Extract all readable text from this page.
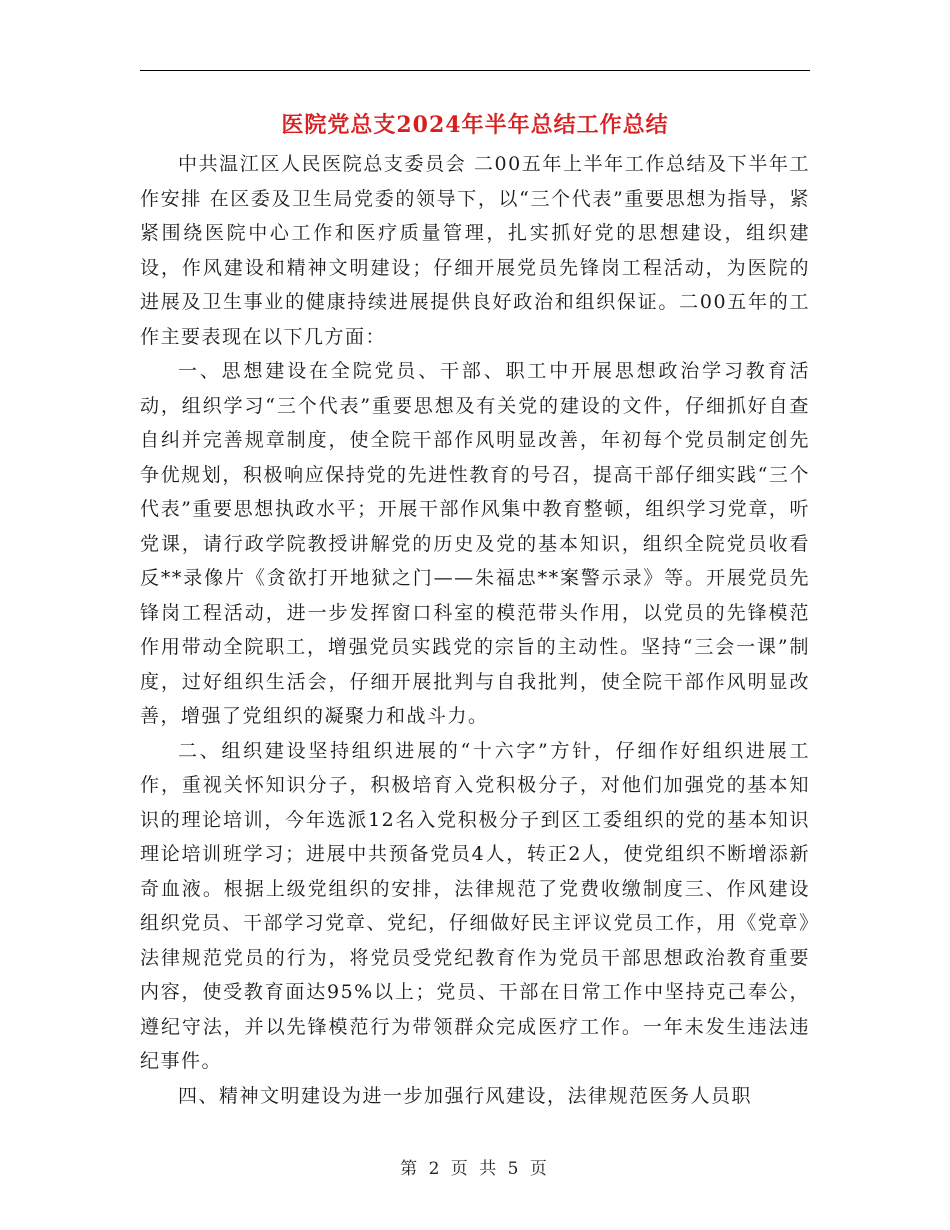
医院党总支2024年半年总结工作总结

中共温江区人民医院总支委员会 二00五年上半年工作总结及下半年工作安排 在区委及卫生局党委的领导下，以“三个代表”重要思想为指导，紧紧围绕医院中心工作和医疗质量管理，扎实抓好党的思想建设，组织建设，作风建设和精神文明建设；仔细开展党员先锋岗工程活动，为医院的进展及卫生事业的健康持续进展提供良好政治和组织保证。二00五年的工作主要表现在以下几方面：

一、思想建设在全院党员、干部、职工中开展思想政治学习教育活动，组织学习“三个代表”重要思想及有关党的建设的文件，仔细抓好自查自纠并完善规章制度，使全院干部作风明显改善，年初每个党员制定创先争优规划，积极响应保持党的先进性教育的号召，提高干部仔细实践“三个代表”重要思想执政水平；开展干部作风集中教育整顿，组织学习党章，听党课，请行政学院教授讲解党的历史及党的基本知识，组织全院党员收看反**录像片《贪欲打开地狱之门——朱福忠**案警示录》等。开展党员先锋岗工程活动，进一步发挥窗口科室的模范带头作用，以党员的先锋模范作用带动全院职工，增强党员实践党的宗旨的主动性。坚持“三会一课”制度，过好组织生活会，仔细开展批判与自我批判，使全院干部作风明显改善，增强了党组织的凝聚力和战斗力。

二、组织建设坚持组织进展的“十六字”方针，仔细作好组织进展工作，重视关怀知识分子，积极培育入党积极分子，对他们加强党的基本知识的理论培训，今年选派12名入党积极分子到区工委组织的党的基本知识理论培训班学习；进展中共预备党员4人，转正2人，使党组织不断增添新奇血液。根据上级党组织的安排，法律规范了党费收缴制度三、作风建设组织党员、干部学习党章、党纪，仔细做好民主评议党员工作，用《党章》法律规范党员的行为，将党员受党纪教育作为党员干部思想政治教育重要内容，使受教育面达95%以上；党员、干部在日常工作中坚持克己奉公，遵纪守法，并以先锋模范行为带领群众完成医疗工作。一年未发生违法违纪事件。

四、精神文明建设为进一步加强行风建设，法律规范医务人员职

第 2 页 共 5 页
